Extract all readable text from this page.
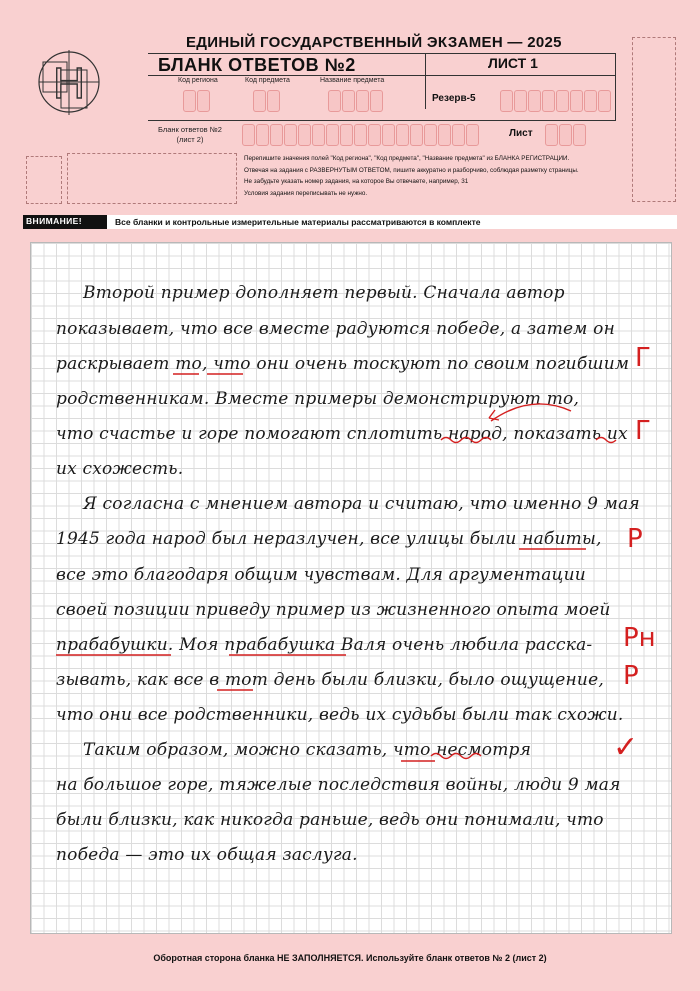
Н
ЕДИНЫЙ ГОСУДАРСТВЕННЫЙ ЭКЗАМЕН — 2025
БЛАНК ОТВЕТОВ №2	ЛИСТ 1
Код региона	Код предмета	Название предмета
Резерв-5
Бланк ответов №2
(лист 2)
Лист
Перепишите значения полей "Код региона", "Код предмета", "Название предмета" из БЛАНКА РЕГИСТРАЦИИ.
Отвечая на задания с РАЗВЕРНУТЫМ ОТВЕТОМ, пишите аккуратно и разборчиво, соблюдая разметку страницы.
Не забудьте указать номер задания, на которое Вы отвечаете, например, 31
Условия задания переписывать не нужно.
ВНИМАНИЕ!	Все бланки и контрольные измерительные материалы рассматриваются в комплекте
Второй пример дополняет первый. Сначала автор
показывает, что все вместе радуются победе, а затем он
раскрывает то, что они очень тоскуют по своим погибшим
родственникам. Вместе примеры демонстрируют то,
что счастье и горе помогают сплотить народ, показать их
их схожесть.
Я согласна с мнением автора и считаю, что именно 9 мая
1945 года народ был неразлучен, все улицы были набиты,
все это благодаря общим чувствам. Для аргументации
своей позиции приведу пример из жизненного опыта моей
прабабушки. Моя прабабушка Валя очень любила расска-
зывать, как все в тот день были близки, было ощущение,
что они все родственники, ведь их судьбы были так схожи.
Таким образом, можно сказать, что несмотря
на большое горе, тяжелые последствия войны, люди 9 мая
были близки, как никогда раньше, ведь они понимали, что
победа — это их общая заслуга.
Г
Г
Р
Рн
Р
✓
Оборотная сторона бланка НЕ ЗАПОЛНЯЕТСЯ. Используйте бланк ответов № 2 (лист 2)
